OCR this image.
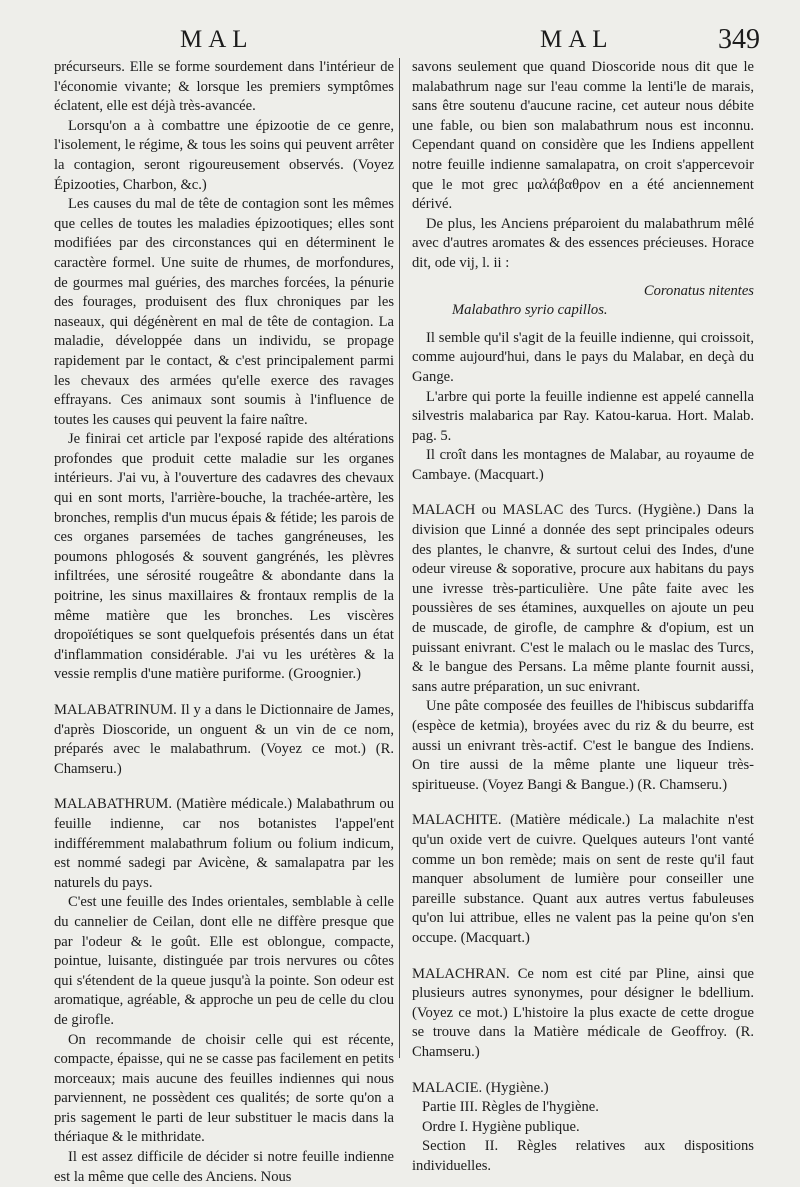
MAL	MAL	349

précurseurs. Elle se forme sourdement dans l'intérieur de l'économie vivante; & lorsque les premiers symptômes éclatent, elle est déjà très-avancée.

Lorsqu'on a à combattre une épizootie de ce genre, l'isolement, le régime, & tous les soins qui peuvent arrêter la contagion, seront rigoureusement observés. (Voyez Épizooties, Charbon, &c.)

Les causes du mal de tête de contagion sont les mêmes que celles de toutes les maladies épizootiques; elles sont modifiées par des circonstances qui en déterminent le caractère formel. Une suite de rhumes, de morfondures, de gourmes mal guéries, des marches forcées, la pénurie des fourages, produisent des flux chroniques par les naseaux, qui dégénèrent en mal de tête de contagion. La maladie, développée dans un individu, se propage rapidement par le contact, & c'est principalement parmi les chevaux des armées qu'elle exerce des ravages effrayans. Ces animaux sont soumis à l'influence de toutes les causes qui peuvent la faire naître.

Je finirai cet article par l'exposé rapide des altérations profondes que produit cette maladie sur les organes intérieurs. J'ai vu, à l'ouverture des cadavres des chevaux qui en sont morts, l'arrière-bouche, la trachée-artère, les bronches, remplis d'un mucus épais & fétide; les parois de ces organes parsemées de taches gangréneuses, les poumons phlogosés & souvent gangrénés, les plèvres infiltrées, une sérosité rougeâtre & abondante dans la poitrine, les sinus maxillaires & frontaux remplis de la même matière que les bronches. Les viscères dropoïétiques se sont quelquefois présentés dans un état d'inflammation considérable. J'ai vu les urétères & la vessie remplis d'une matière puriforme. (Groognier.)

MALABATRINUM. Il y a dans le Dictionnaire de James, d'après Dioscoride, un onguent & un vin de ce nom, préparés avec le malabathrum. (Voyez ce mot.) (R. Chamseru.)

MALABATHRUM. (Matière médicale.) Malabathrum ou feuille indienne, car nos botanistes l'appel'ent indifféremment malabathrum folium ou folium indicum, est nommé sadegi par Avicène, & samalapatra par les naturels du pays.

C'est une feuille des Indes orientales, semblable à celle du cannelier de Ceilan, dont elle ne diffère presque que par l'odeur & le goût. Elle est oblongue, compacte, pointue, luisante, distinguée par trois nervures ou côtes qui s'étendent de la queue jusqu'à la pointe. Son odeur est aromatique, agréable, & approche un peu de celle du clou de girofle.

On recommande de choisir celle qui est récente, compacte, épaisse, qui ne se casse pas facilement en petits morceaux; mais aucune des feuilles indiennes qui nous parviennent, ne possèdent ces qualités; de sorte qu'on a pris sagement le parti de leur substituer le macis dans la thériaque & le mithridate.

Il est assez difficile de décider si notre feuille indienne est la même que celle des Anciens. Nous

savons seulement que quand Dioscoride nous dit que le malabathrum nage sur l'eau comme la lenti'le de marais, sans être soutenu d'aucune racine, cet auteur nous débite une fable, ou bien son malabathrum nous est inconnu. Cependant quand on considère que les Indiens appellent notre feuille indienne samalapatra, on croit s'appercevoir que le mot grec μαλάβαθρον en a été anciennement dérivé.

De plus, les Anciens préparoient du malabathrum mêlé avec d'autres aromates & des essences précieuses. Horace dit, ode vij, l. ii :

Coronatus nitentes

Malabathro syrio capillos.

Il semble qu'il s'agit de la feuille indienne, qui croissoit, comme aujourd'hui, dans le pays du Malabar, en deçà du Gange.

L'arbre qui porte la feuille indienne est appelé cannella silvestris malabarica par Ray. Katou-karua. Hort. Malab. pag. 5.

Il croît dans les montagnes de Malabar, au royaume de Cambaye. (Macquart.)

MALACH ou MASLAC des Turcs. (Hygiène.) Dans la division que Linné a donnée des sept principales odeurs des plantes, le chanvre, & surtout celui des Indes, d'une odeur vireuse & soporative, procure aux habitans du pays une ivresse très-particulière. Une pâte faite avec les poussières de ses étamines, auxquelles on ajoute un peu de muscade, de girofle, de camphre & d'opium, est un puissant enivrant. C'est le malach ou le maslac des Turcs, & le bangue des Persans. La même plante fournit aussi, sans autre préparation, un suc enivrant.

Une pâte composée des feuilles de l'hibiscus subdariffa (espèce de ketmia), broyées avec du riz & du beurre, est aussi un enivrant très-actif. C'est le bangue des Indiens. On tire aussi de la même plante une liqueur très-spiritueuse. (Voyez Bangi & Bangue.) (R. Chamseru.)

MALACHITE. (Matière médicale.) La malachite n'est qu'un oxide vert de cuivre. Quelques auteurs l'ont vanté comme un bon remède; mais on sent de reste qu'il faut manquer absolument de lumière pour conseiller une pareille substance. Quant aux autres vertus fabuleuses qu'on lui attribue, elles ne valent pas la peine qu'on s'en occupe. (Macquart.)

MALACHRAN. Ce nom est cité par Pline, ainsi que plusieurs autres synonymes, pour désigner le bdellium. (Voyez ce mot.) L'histoire la plus exacte de cette drogue se trouve dans la Matière médicale de Geoffroy. (R. Chamseru.)

MALACIE. (Hygiène.)

Partie III. Règles de l'hygiène.

Ordre I. Hygiène publique.

Section II. Règles relatives aux dispositions individuelles.
